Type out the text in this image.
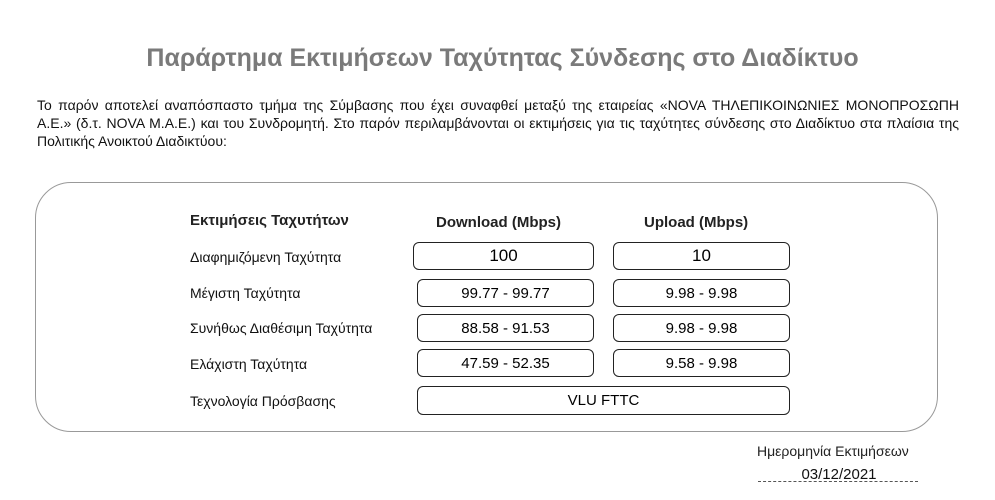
Παράρτημα Εκτιμήσεων Ταχύτητας Σύνδεσης στο Διαδίκτυο
Το παρόν αποτελεί αναπόσπαστο τμήμα της Σύμβασης που έχει συναφθεί μεταξύ της εταιρείας «NOVA ΤΗΛΕΠΙΚΟΙΝΩΝΙΕΣ ΜΟΝΟΠΡΟΣΩΠΗ Α.Ε.» (δ.τ. NOVA Μ.Α.Ε.) και του Συνδρομητή. Στο παρόν περιλαμβάνονται οι εκτιμήσεις για τις ταχύτητες σύνδεσης στο Διαδίκτυο στα πλαίσια της Πολιτικής Ανοικτού Διαδικτύου:
Εκτιμήσεις Ταχυτήτων	Download (Mbps)	Upload (Mbps)
Διαφημιζόμενη Ταχύτητα	100	10
Μέγιστη Ταχύτητα	99.77 - 99.77	9.98 - 9.98
Συνήθως Διαθέσιμη Ταχύτητα	88.58 - 91.53	9.98 - 9.98
Ελάχιστη Ταχύτητα	47.59 - 52.35	9.58 - 9.98
Τεχνολογία Πρόσβασης	VLU FTTC
Ημερομηνία Εκτιμήσεων
03/12/2021
